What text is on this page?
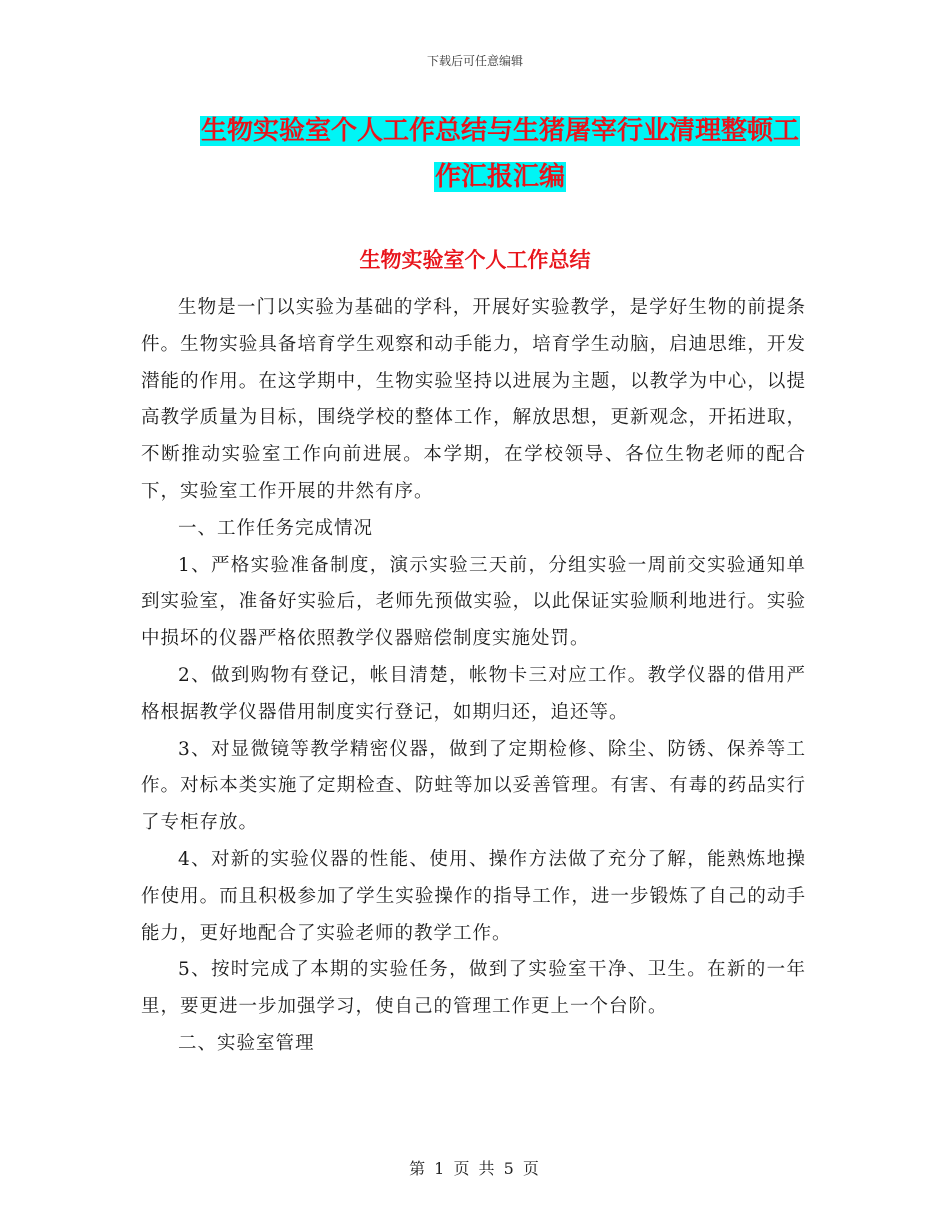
下载后可任意编辑
生物实验室个人工作总结与生猪屠宰行业清理整顿工
作汇报汇编
生物实验室个人工作总结

生物是一门以实验为基础的学科，开展好实验教学，是学好生物的前提条件。生物实验具备培育学生观察和动手能力，培育学生动脑，启迪思维，开发潜能的作用。在这学期中，生物实验坚持以进展为主题，以教学为中心，以提高教学质量为目标，围绕学校的整体工作，解放思想，更新观念，开拓进取，不断推动实验室工作向前进展。本学期，在学校领导、各位生物老师的配合下，实验室工作开展的井然有序。

一、工作任务完成情况

1、严格实验准备制度，演示实验三天前，分组实验一周前交实验通知单到实验室，准备好实验后，老师先预做实验，以此保证实验顺利地进行。实验中损坏的仪器严格依照教学仪器赔偿制度实施处罚。

2、做到购物有登记，帐目清楚，帐物卡三对应工作。教学仪器的借用严格根据教学仪器借用制度实行登记，如期归还，追还等。

3、对显微镜等教学精密仪器，做到了定期检修、除尘、防锈、保养等工作。对标本类实施了定期检查、防蛀等加以妥善管理。有害、有毒的药品实行了专柜存放。

4、对新的实验仪器的性能、使用、操作方法做了充分了解，能熟炼地操作使用。而且积极参加了学生实验操作的指导工作，进一步锻炼了自己的动手能力，更好地配合了实验老师的教学工作。

5、按时完成了本期的实验任务，做到了实验室干净、卫生。在新的一年里，要更进一步加强学习，使自己的管理工作更上一个台阶。

二、实验室管理

第 1 页 共 5 页
